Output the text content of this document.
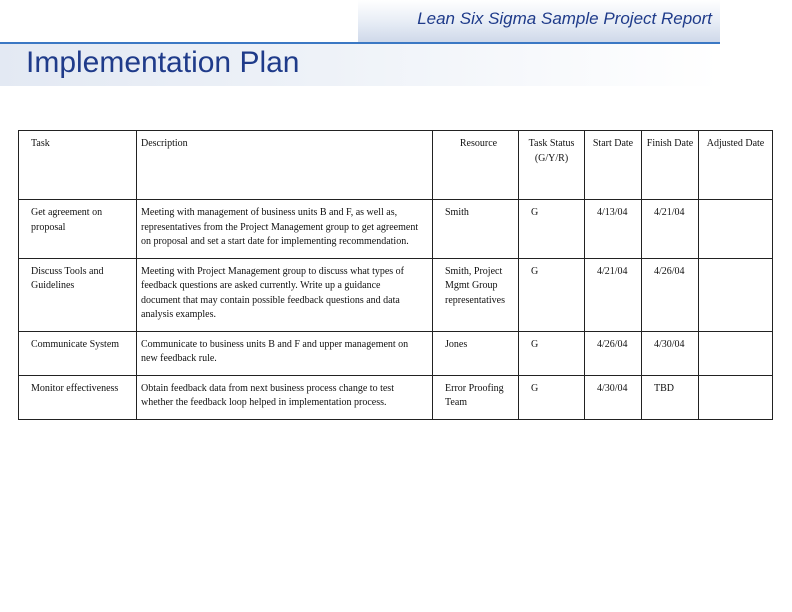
Lean Six Sigma Sample Project Report
Implementation Plan
Task	Description	Resource	Task Status (G/Y/R)	Start Date	Finish Date	Adjusted Date
Get agreement on proposal	Meeting with management of business units B and F, as well as, representatives from the Project Management group to get agreement on proposal and set a start date for implementing recommendation.	Smith	G	4/13/04	4/21/04	
Discuss Tools and Guidelines	Meeting with Project Management group to discuss what types of feedback questions are asked currently. Write up a guidance document that may contain possible feedback questions and data analysis examples.	Smith, Project Mgmt Group representatives	G	4/21/04	4/26/04	
Communicate System	Communicate to business units B and F and upper management on new feedback rule.	Jones	G	4/26/04	4/30/04	
Monitor effectiveness	Obtain feedback data from next business process change to test whether the feedback loop helped in implementation process.	Error Proofing Team	G	4/30/04	TBD	
